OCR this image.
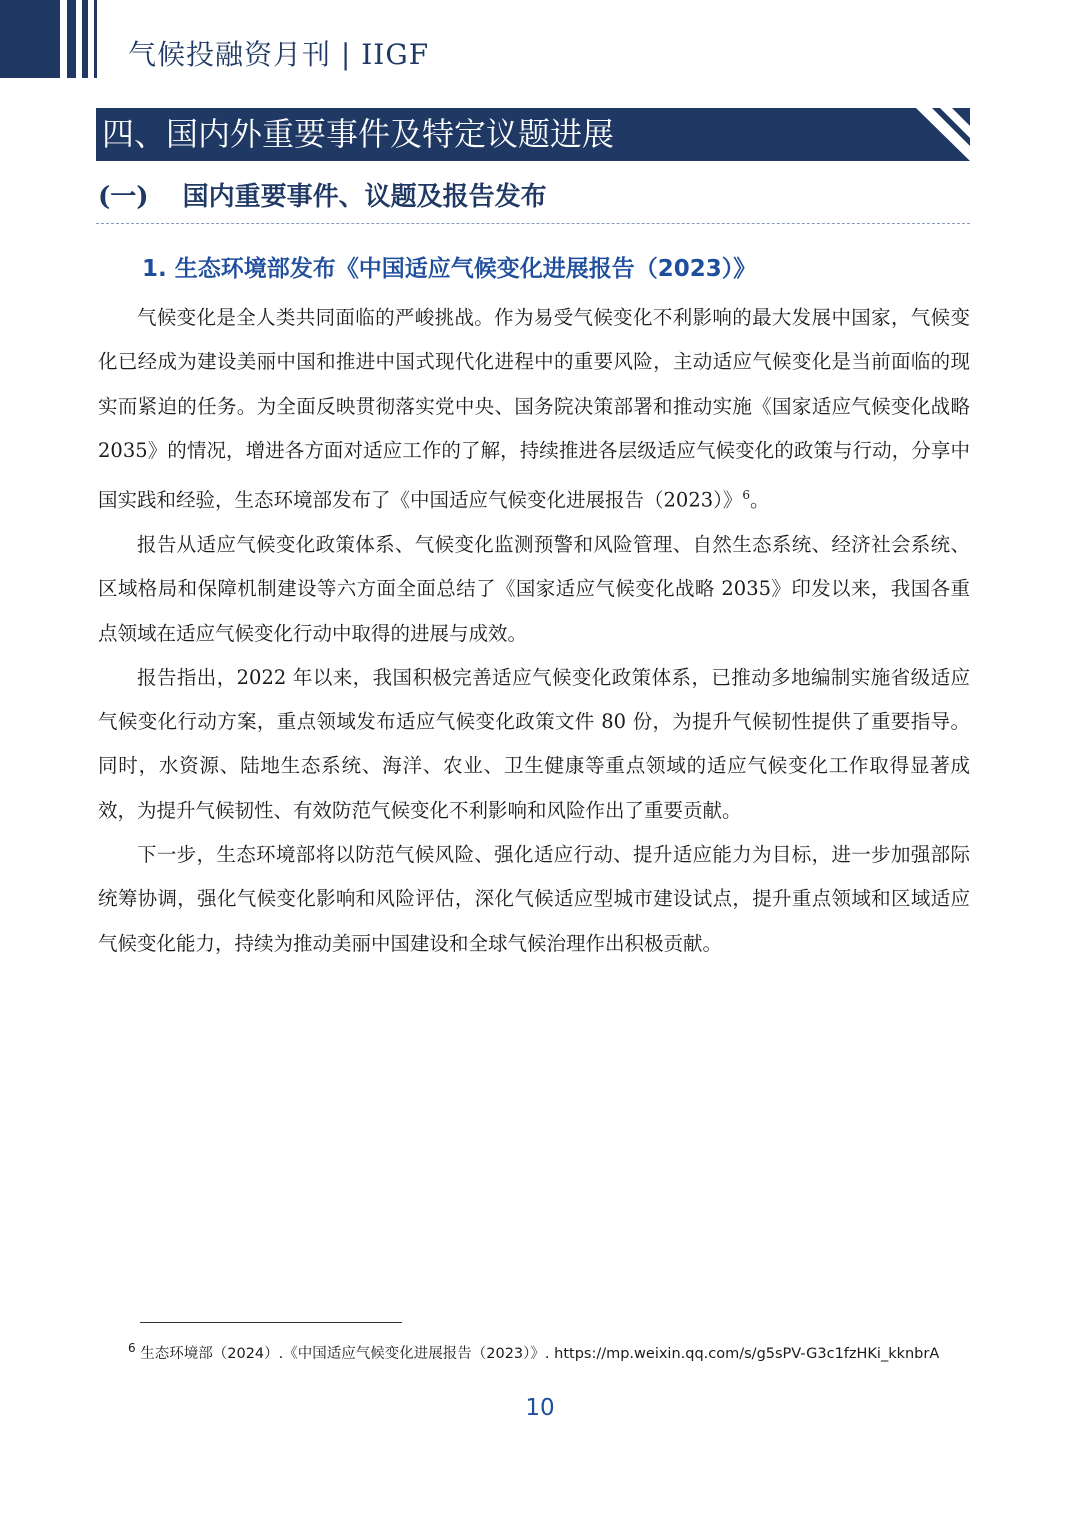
气候投融资月刊 | IIGF
四、国内外重要事件及特定议题进展
(一) 国内重要事件、议题及报告发布
1. 生态环境部发布《中国适应气候变化进展报告（2023）》

气候变化是全人类共同面临的严峻挑战。作为易受气候变化不利影响的最大发展中国家，气候变化已经成为建设美丽中国和推进中国式现代化进程中的重要风险，主动适应气候变化是当前面临的现实而紧迫的任务。为全面反映贯彻落实党中央、国务院决策部署和推动实施《国家适应气候变化战略 2035》的情况，增进各方面对适应工作的了解，持续推进各层级适应气候变化的政策与行动，分享中国实践和经验，生态环境部发布了《中国适应气候变化进展报告（2023）》$^6$。

报告从适应气候变化政策体系、气候变化监测预警和风险管理、自然生态系统、经济社会系统、区域格局和保障机制建设等六方面全面总结了《国家适应气候变化战略 2035》印发以来，我国各重点领域在适应气候变化行动中取得的进展与成效。

报告指出，2022 年以来，我国积极完善适应气候变化政策体系，已推动多地编制实施省级适应气候变化行动方案，重点领域发布适应气候变化政策文件 80 份，为提升气候韧性提供了重要指导。同时，水资源、陆地生态系统、海洋、农业、卫生健康等重点领域的适应气候变化工作取得显著成效，为提升气候韧性、有效防范气候变化不利影响和风险作出了重要贡献。

下一步，生态环境部将以防范气候风险、强化适应行动、提升适应能力为目标，进一步加强部际统筹协调，强化气候变化影响和风险评估，深化气候适应型城市建设试点，提升重点领域和区域适应气候变化能力，持续为推动美丽中国建设和全球气候治理作出积极贡献。

$^6$ 生态环境部（2024）.《中国适应气候变化进展报告（2023）》. https://mp.weixin.qq.com/s/g5sPV-G3c1fzHKi_kknbrA
10
